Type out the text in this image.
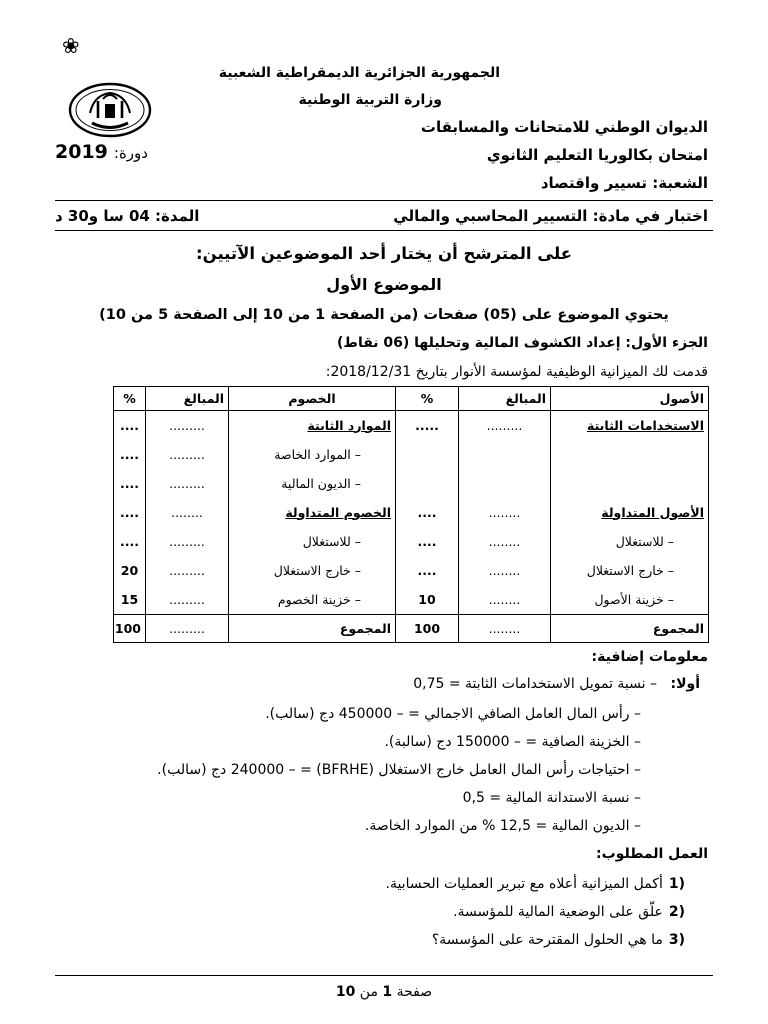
❀
الجمهورية الجزائرية الديمقراطية الشعبية
وزارة التربية الوطنية
الديوان الوطني للامتحانات والمسابقات
امتحان بكالوريا التعليم الثانوي
دورة:2019
الشعبة: تسيير واقتصاد
اختبار في مادة: التسيير المحاسبي والمالي
المدة: 04 سا و30 د
على المترشح أن يختار أحد الموضوعين الآتيين:
الموضوع الأول
يحتوي الموضوع على (05) صفحات (من الصفحة 1 من 10 إلى الصفحة 5 من 10)
الجزء الأول: إعداد الكشوف المالية وتحليلها (06 نقاط)
قدمت لك الميزانية الوظيفية لمؤسسة الأنوار بتاريخ 2018/12/31:
الأصول	المبالغ	%	الخصوم	المبالغ	%
الاستخدامات الثابتة	.........	.....	الموارد الثابتة	.........	....
			– الموارد الخاصة	.........	....
			– الديون المالية	.........	....
الأصول المتداولة	........	....	الخصوم المتداولة	........	....
– للاستغلال	........	....	– للاستغلال	.........	....
– خارج الاستغلال	........	....	– خارج الاستغلال	.........	20
– خزينة الأصول	........	10	– خزينة الخصوم	.........	15
المجموع	........	100	المجموع	.........	100
معلومات إضافية:
أولا:
– نسبة تمويل الاستخدامات الثابتة = 0,75
– رأس المال العامل الصافي الاجمالي = – 450000 دج (سالب).
– الخزينة الصافية = – 150000 دج (سالبة).
– احتياجات رأس المال العامل خارج الاستغلال (BFRHE) = – 240000 دج (سالب).
– نسبة الاستدانة المالية = 0,5
– الديون المالية = 12,5 % من الموارد الخاصة.
العمل المطلوب:
1)أكمل الميزانية أعلاه مع تبرير العمليات الحسابية.
2)علّق على الوضعية المالية للمؤسسة.
3)ما هي الحلول المقترحة على المؤسسة؟
صفحة 1 من 10
